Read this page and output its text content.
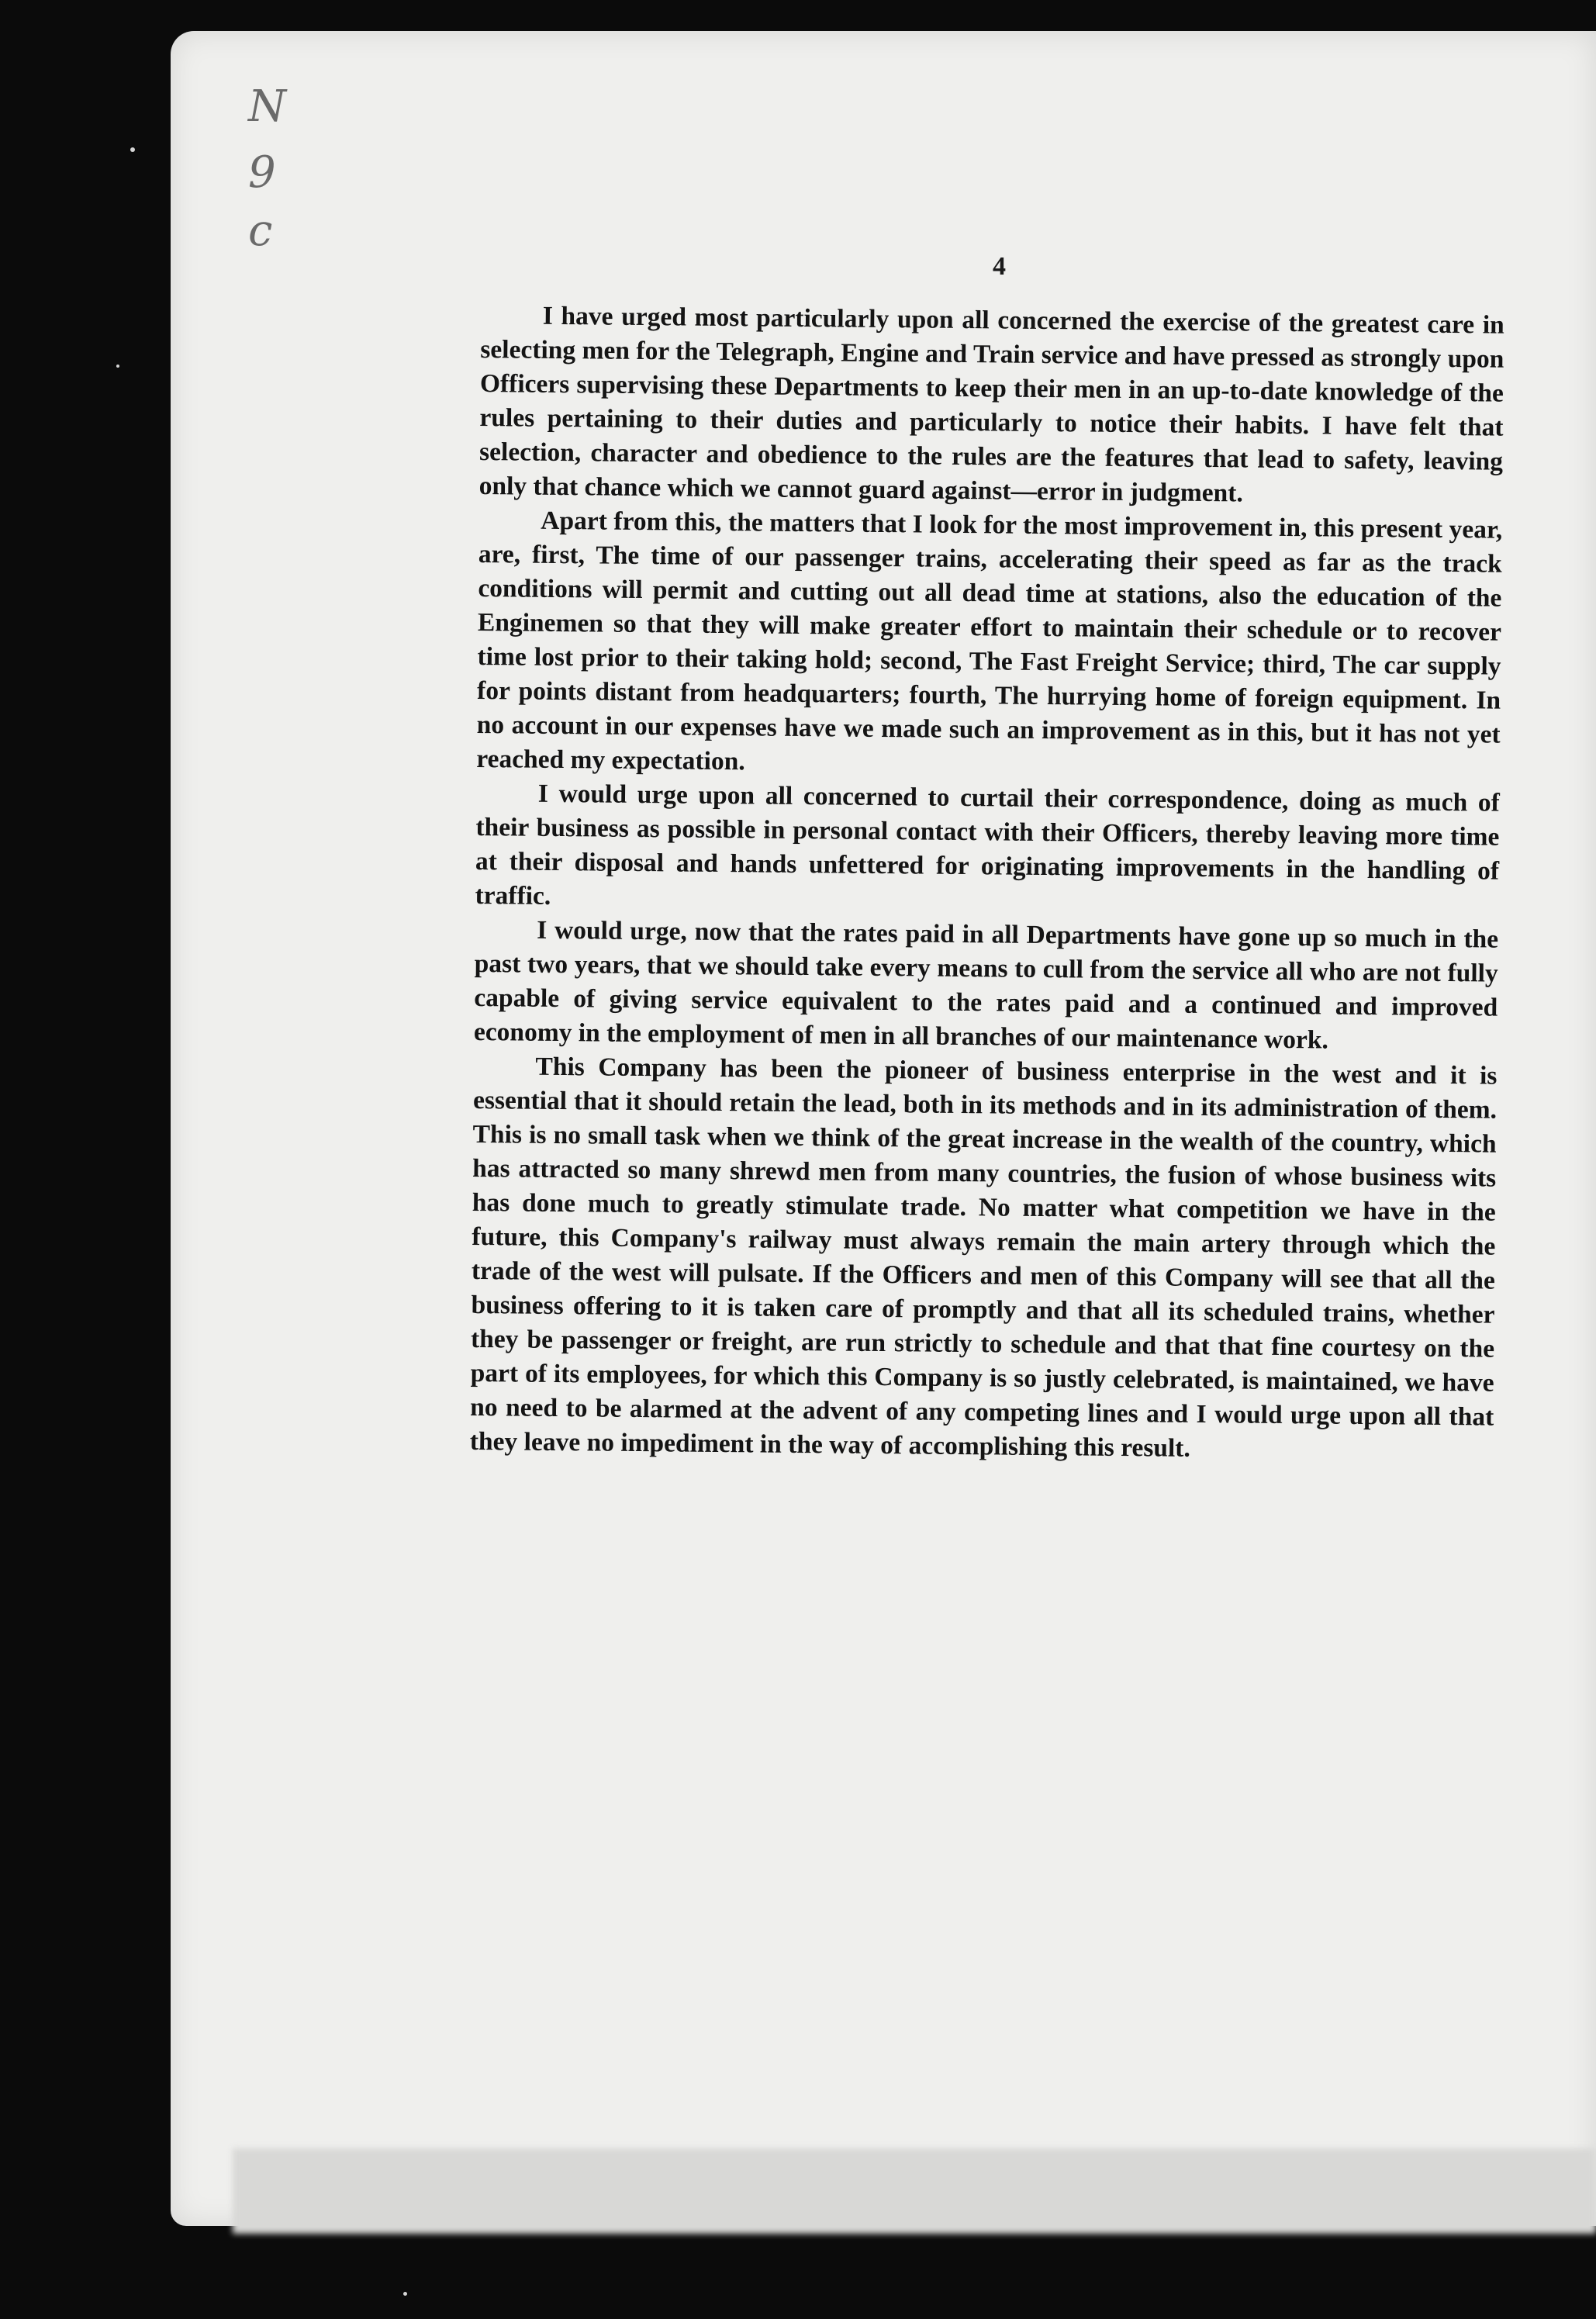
N
9
c
4

I have urged most particularly upon all concerned the exercise of the greatest care in selecting men for the Telegraph, Engine and Train service and have pressed as strongly upon Officers supervising these Departments to keep their men in an up-to-date knowledge of the rules pertaining to their duties and particularly to notice their habits. I have felt that selection, character and obedience to the rules are the features that lead to safety, leaving only that chance which we cannot guard against—error in judgment.

Apart from this, the matters that I look for the most improvement in, this present year, are, first, The time of our passenger trains, accelerating their speed as far as the track conditions will permit and cutting out all dead time at stations, also the education of the Enginemen so that they will make greater effort to maintain their schedule or to recover time lost prior to their taking hold; second, The Fast Freight Service; third, The car supply for points distant from headquarters; fourth, The hurrying home of foreign equipment. In no account in our expenses have we made such an improvement as in this, but it has not yet reached my expectation.

I would urge upon all concerned to curtail their correspondence, doing as much of their business as possible in personal contact with their Officers, thereby leaving more time at their disposal and hands unfettered for originating improvements in the handling of traffic.

I would urge, now that the rates paid in all Departments have gone up so much in the past two years, that we should take every means to cull from the service all who are not fully capable of giving service equivalent to the rates paid and a continued and improved economy in the employment of men in all branches of our maintenance work.

This Company has been the pioneer of business enterprise in the west and it is essential that it should retain the lead, both in its methods and in its administration of them. This is no small task when we think of the great increase in the wealth of the country, which has attracted so many shrewd men from many countries, the fusion of whose business wits has done much to greatly stimulate trade. No matter what competition we have in the future, this Company's railway must always remain the main artery through which the trade of the west will pulsate. If the Officers and men of this Company will see that all the business offering to it is taken care of promptly and that all its scheduled trains, whether they be passenger or freight, are run strictly to schedule and that that fine courtesy on the part of its employees, for which this Company is so justly celebrated, is maintained, we have no need to be alarmed at the advent of any competing lines and I would urge upon all that they leave no impediment in the way of accomplishing this result.
